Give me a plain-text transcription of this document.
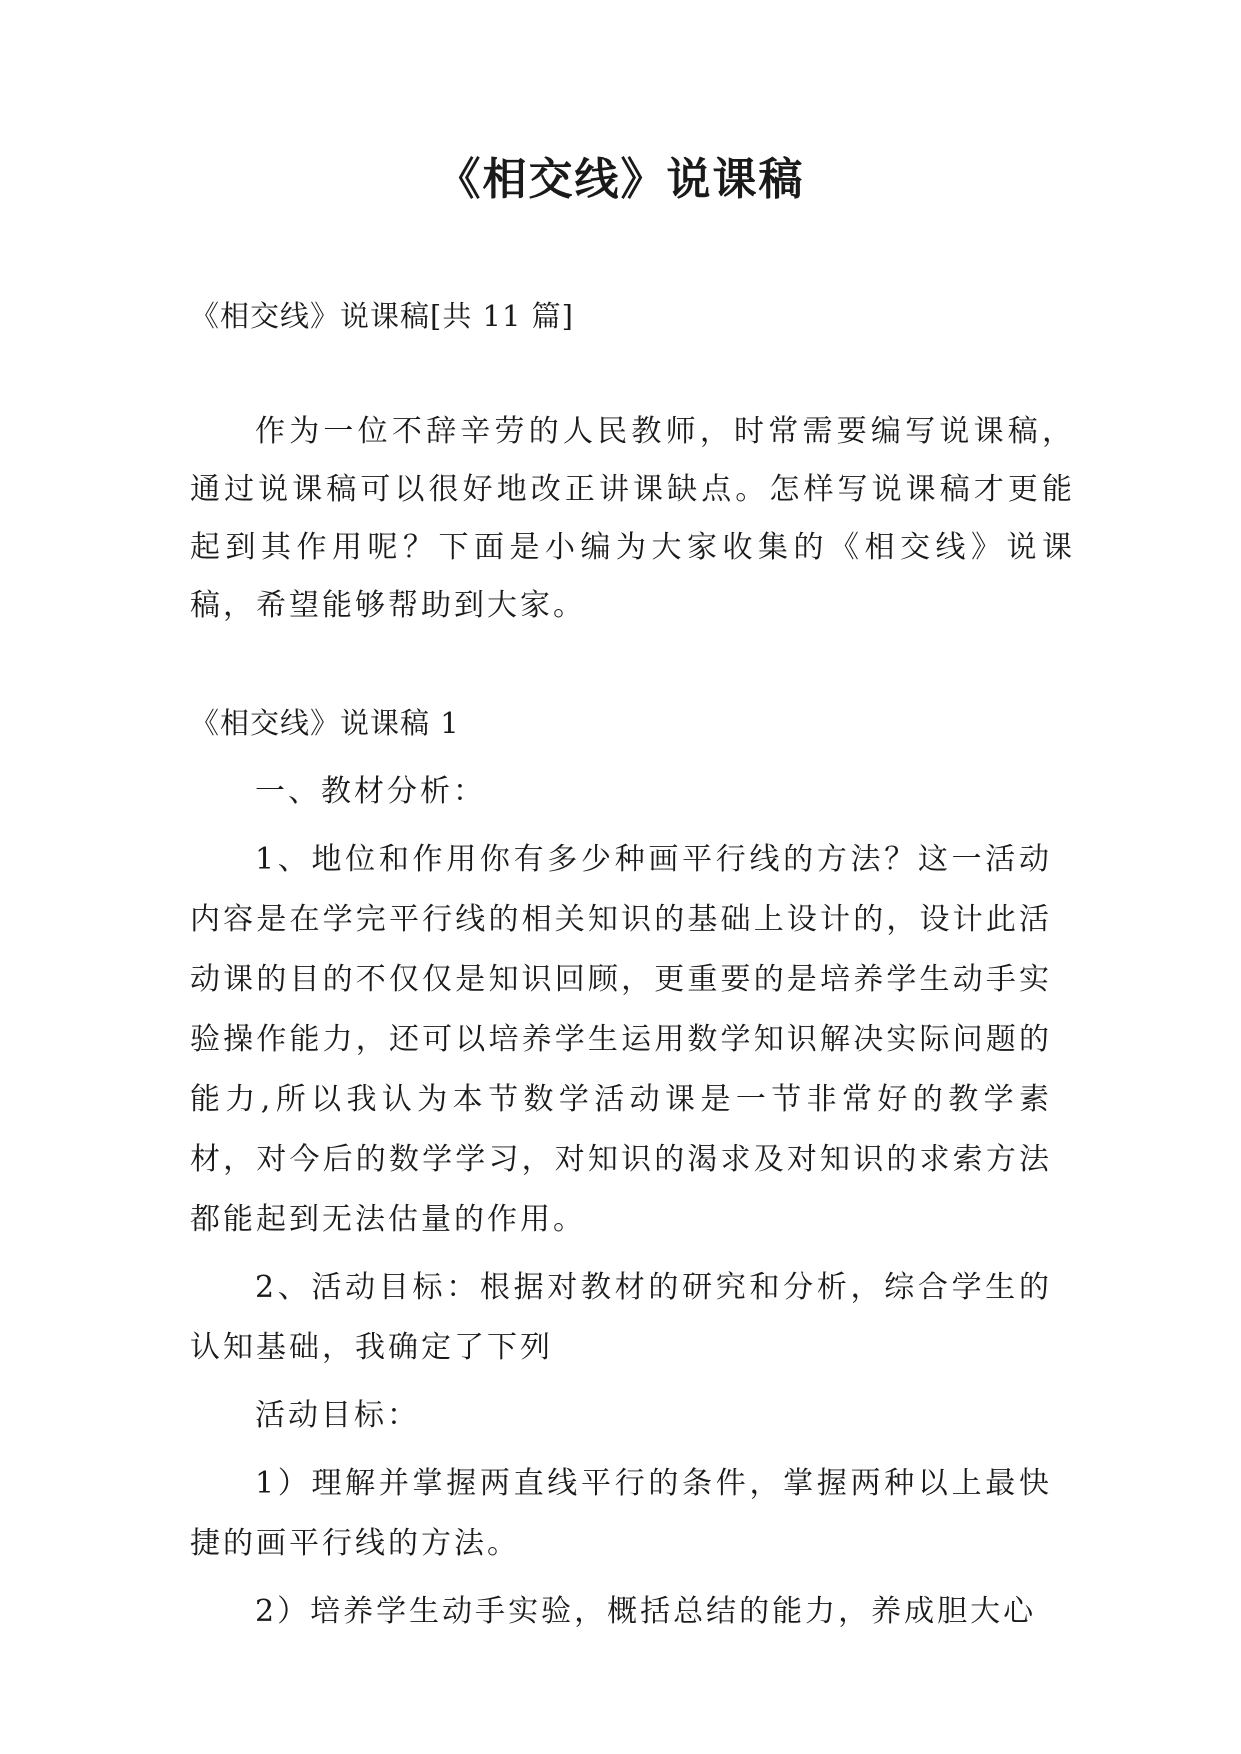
《相交线》说课稿

《相交线》说课稿[共 11 篇]

作为一位不辞辛劳的人民教师，时常需要编写说课稿，通过说课稿可以很好地改正讲课缺点。怎样写说课稿才更能起到其作用呢？下面是小编为大家收集的《相交线》说课稿，希望能够帮助到大家。

《相交线》说课稿 1

一、教材分析：

1、地位和作用你有多少种画平行线的方法？这一活动内容是在学完平行线的相关知识的基础上设计的，设计此活动课的目的不仅仅是知识回顾，更重要的是培养学生动手实验操作能力，还可以培养学生运用数学知识解决实际问题的能力,所以我认为本节数学活动课是一节非常好的教学素材，对今后的数学学习，对知识的渴求及对知识的求索方法都能起到无法估量的作用。

2、活动目标：根据对教材的研究和分析，综合学生的认知基础，我确定了下列

活动目标：

1）理解并掌握两直线平行的条件，掌握两种以上最快捷的画平行线的方法。

2）培养学生动手实验，概括总结的能力，养成胆大心
